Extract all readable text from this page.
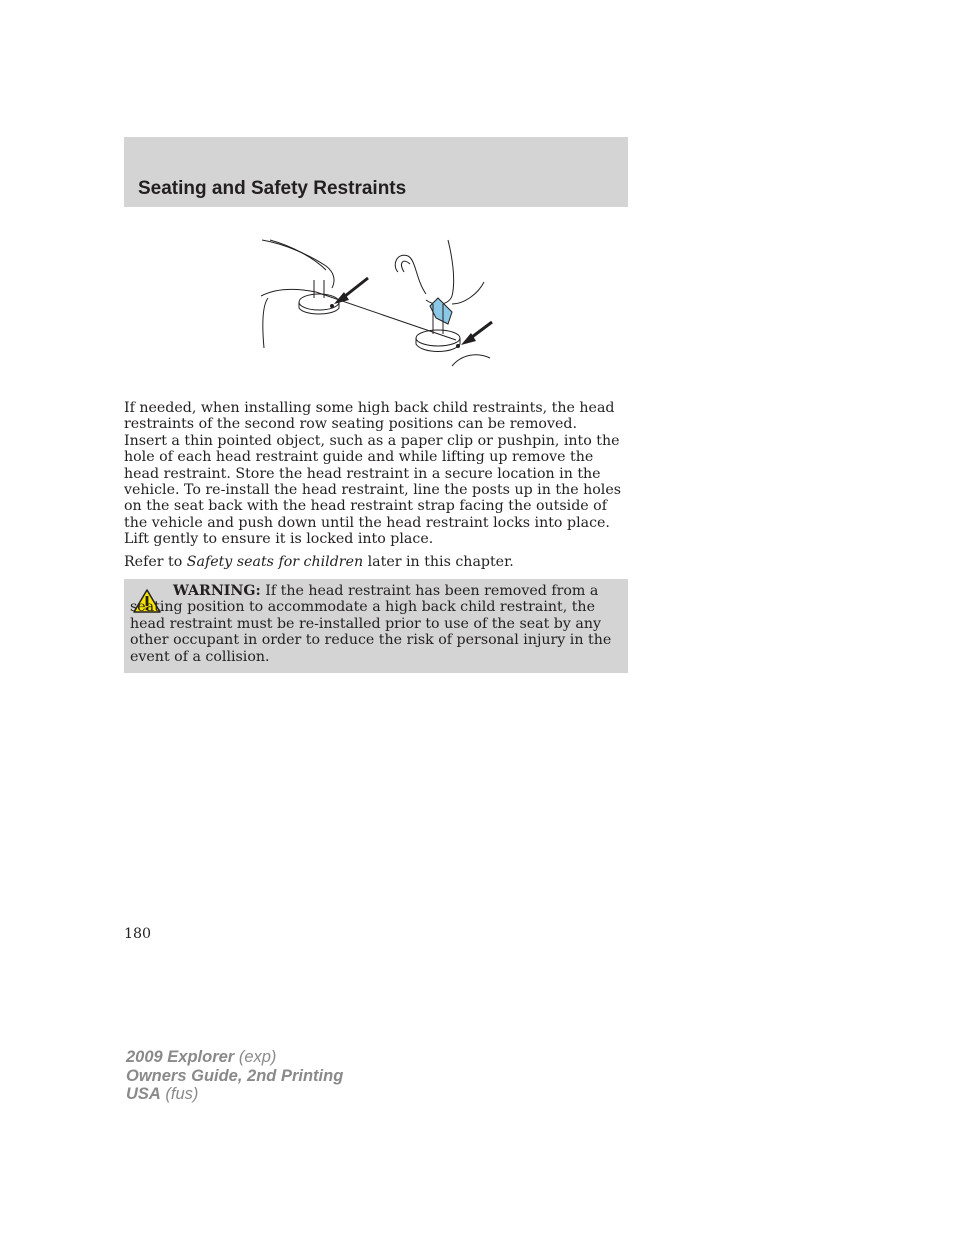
Seating and Safety Restraints

If needed, when installing some high back child restraints, the head restraints of the second row seating positions can be removed. Insert a thin pointed object, such as a paper clip or pushpin, into the hole of each head restraint guide and while lifting up remove the head restraint. Store the head restraint in a secure location in the vehicle. To re-install the head restraint, line the posts up in the holes on the seat back with the head restraint strap facing the outside of the vehicle and push down until the head restraint locks into place. Lift gently to ensure it is locked into place.

Refer to Safety seats for children later in this chapter.

WARNING: If the head restraint has been removed from a seating position to accommodate a high back child restraint, the head restraint must be re-installed prior to use of the seat by any other occupant in order to reduce the risk of personal injury in the event of a collision.
180
2009 Explorer (exp)
Owners Guide, 2nd Printing
USA (fus)
